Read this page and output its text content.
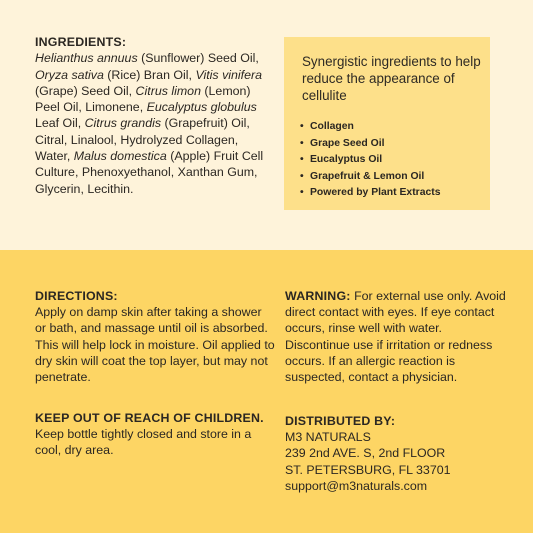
INGREDIENTS:
Helianthus annuus (Sunflower) Seed Oil, Oryza sativa (Rice) Bran Oil, Vitis vinifera (Grape) Seed Oil, Citrus limon (Lemon) Peel Oil, Limonene, Eucalyptus globulus Leaf Oil, Citrus grandis (Grapefruit) Oil, Citral, Linalool, Hydrolyzed Collagen, Water, Malus domestica (Apple) Fruit Cell Culture, Phenoxyethanol, Xanthan Gum, Glycerin, Lecithin.
Synergistic ingredients to help reduce the appearance of cellulite
• Collagen
• Grape Seed Oil
• Eucalyptus Oil
• Grapefruit & Lemon Oil
• Powered by Plant Extracts
DIRECTIONS:
Apply on damp skin after taking a shower or bath, and massage until oil is absorbed. This will help lock in moisture. Oil applied to dry skin will coat the top layer, but may not penetrate.
WARNING: For external use only. Avoid direct contact with eyes. If eye contact occurs, rinse well with water. Discontinue use if irritation or redness occurs. If an allergic reaction is suspected, contact a physician.
KEEP OUT OF REACH OF CHILDREN. Keep bottle tightly closed and store in a cool, dry area.
DISTRIBUTED BY:
M3 NATURALS
239 2nd AVE. S, 2nd FLOOR
ST. PETERSBURG, FL 33701
support@m3naturals.com
